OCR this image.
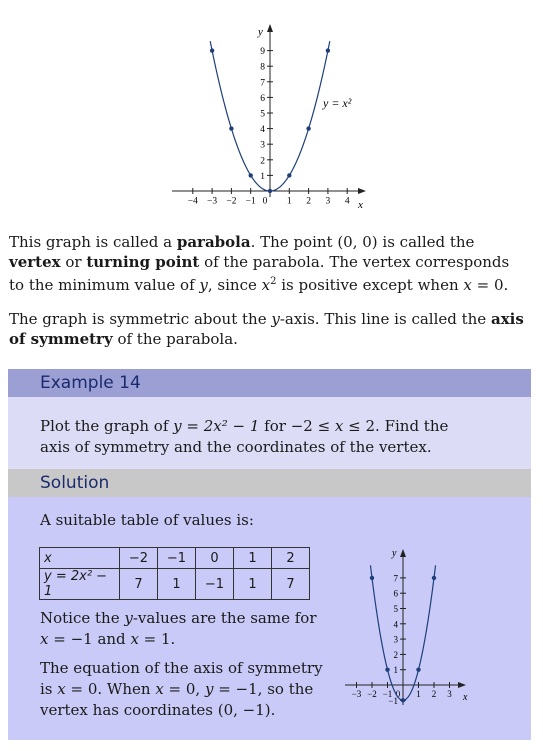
y
x
1
2
3
4
5
6
7
8
9
−4 −3 −2 −1 0 1 2 3 4
y = x²

This graph is called a parabola. The point (0, 0) is called the vertex or turning point of the parabola. The vertex corresponds to the minimum value of y, since $x^2$ is positive except when x = 0.

The graph is symmetric about the y-axis. This line is called the axis of symmetry of the parabola.

Example 14

Plot the graph of y = 2x² − 1 for −2 ≤ x ≤ 2. Find the axis of symmetry and the coordinates of the vertex.

Solution

A suitable table of values is:

x	−2	−1	0	1	2
y = 2x² − 1	7	1	−1	1	7

Notice the y-values are the same for x = −1 and x = 1.

The equation of the axis of symmetry is x = 0. When x = 0, y = −1, so the vertex has coordinates (0, −1).

y
x
1
2
3
4
5
6
7
−1
−3 −2 −1 0 1 2 3
